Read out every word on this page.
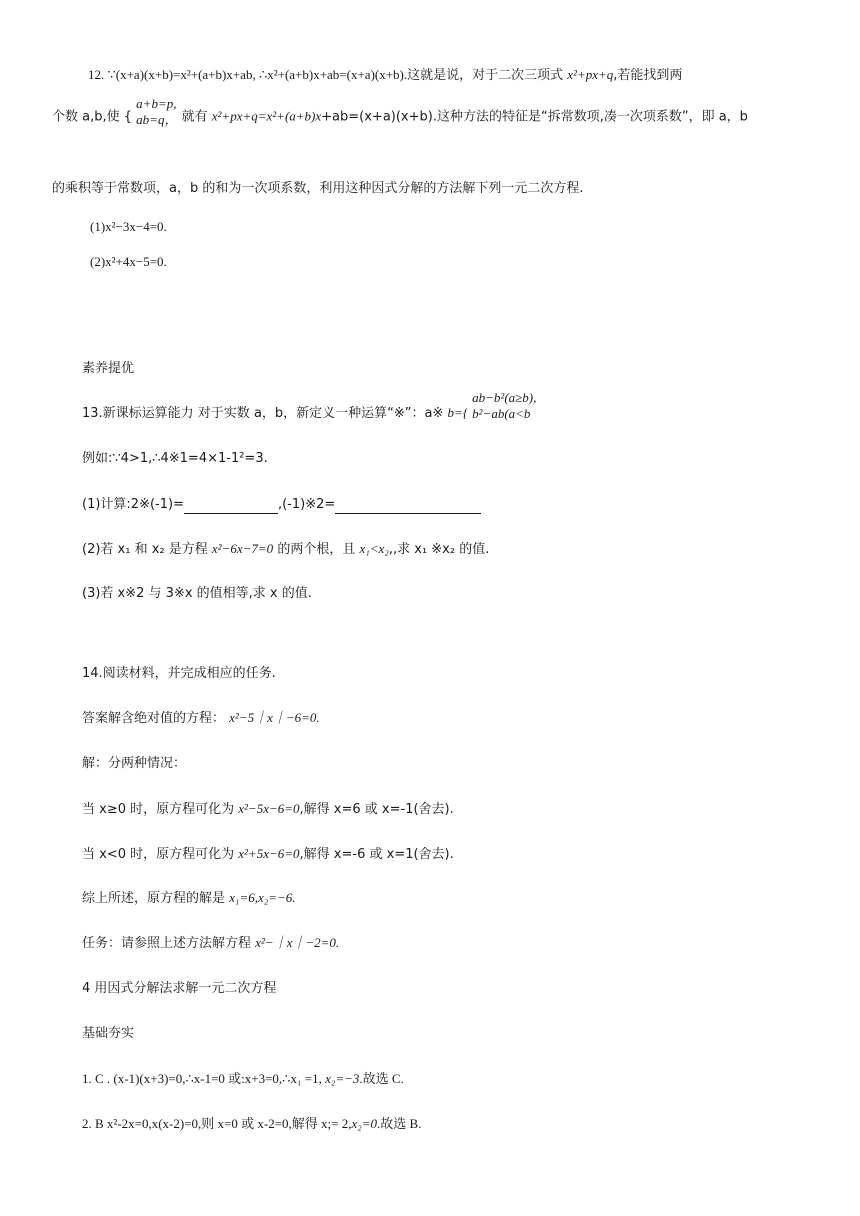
12. ∵(x+a)(x+b)=x²+(a+b)x+ab, ∴x²+(a+b)x+ab=(x+a)(x+b).这就是说，对于二次三项式 x²+px+q,若能找到两
个数 a,b,使 {
a+b=p,
ab=q， 就有 x²+px+q=x²+(a+b)x+ab=(x+a)(x+b).这种方法的特征是“拆常数项,凑一次项系数”，即 a，b
的乘积等于常数项，a，b 的和为一次项系数，利用这种因式分解的方法解下列一元二次方程.
(1)x²−3x−4=0.
(2)x²+4x−5=0.
素养提优
13.新课标运算能力 对于实数 a，b，新定义一种运算“※”：a※ b={
ab−b²(a≥b),
b²−ab(a<b
例如:∵4>1,∴4※1=4×1-1²=3.
(1)计算:2※(-1)=	,(-1)※2=
(2)若 x₁ 和 x₂ 是方程 x²−6x−7=0 的两个根，且 x₁<x₂,,求 x₁ ※x₂ 的值.
(3)若 x※2 与 3※x 的值相等,求 x 的值.
14.阅读材料，并完成相应的任务.
答案解含绝对值的方程： x²−5｜x｜−6=0.
解：分两种情况：
当 x≥0 时，原方程可化为 x²−5x−6=0,解得 x=6 或 x=-1(舍去).
当 x<0 时，原方程可化为 x²+5x−6=0,解得 x=-6 或 x=1(舍去).
综上所述，原方程的解是 x₁=6,x₂=−6.
任务：请参照上述方法解方程 x²−｜x｜−2=0.
4 用因式分解法求解一元二次方程
基础夯实
1. C . (x-1)(x+3)=0,∴x-1=0 或:x+3=0,∴x₁ =1, x₂=−3.故选 C.
2. B x²-2x=0,x(x-2)=0,则 x=0 或 x-2=0,解得 x;= 2,x₂=0.故选 B.
